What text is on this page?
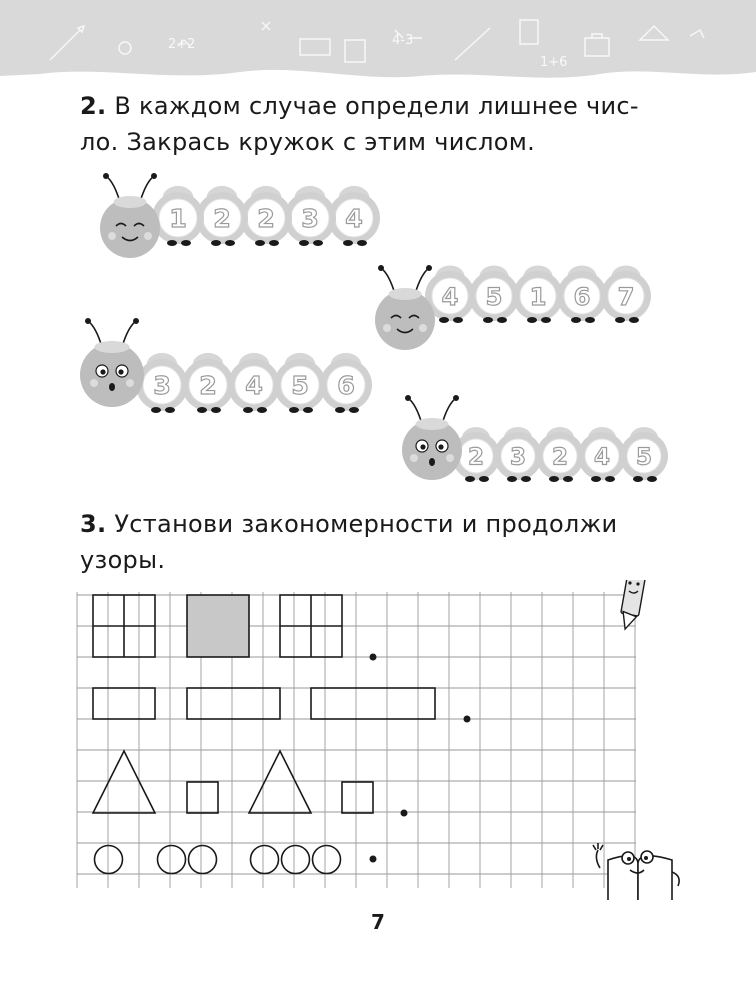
2+2	4-3
1+6
2. В каждом случае определи лишнее чис-
ло. Закрась кружок с этим числом.
4
3
2
2
1
7
6
1
5
4
6
5
4
2
3
5
4
2
3
2
3. Установи закономерности и продолжи
узоры.
7
